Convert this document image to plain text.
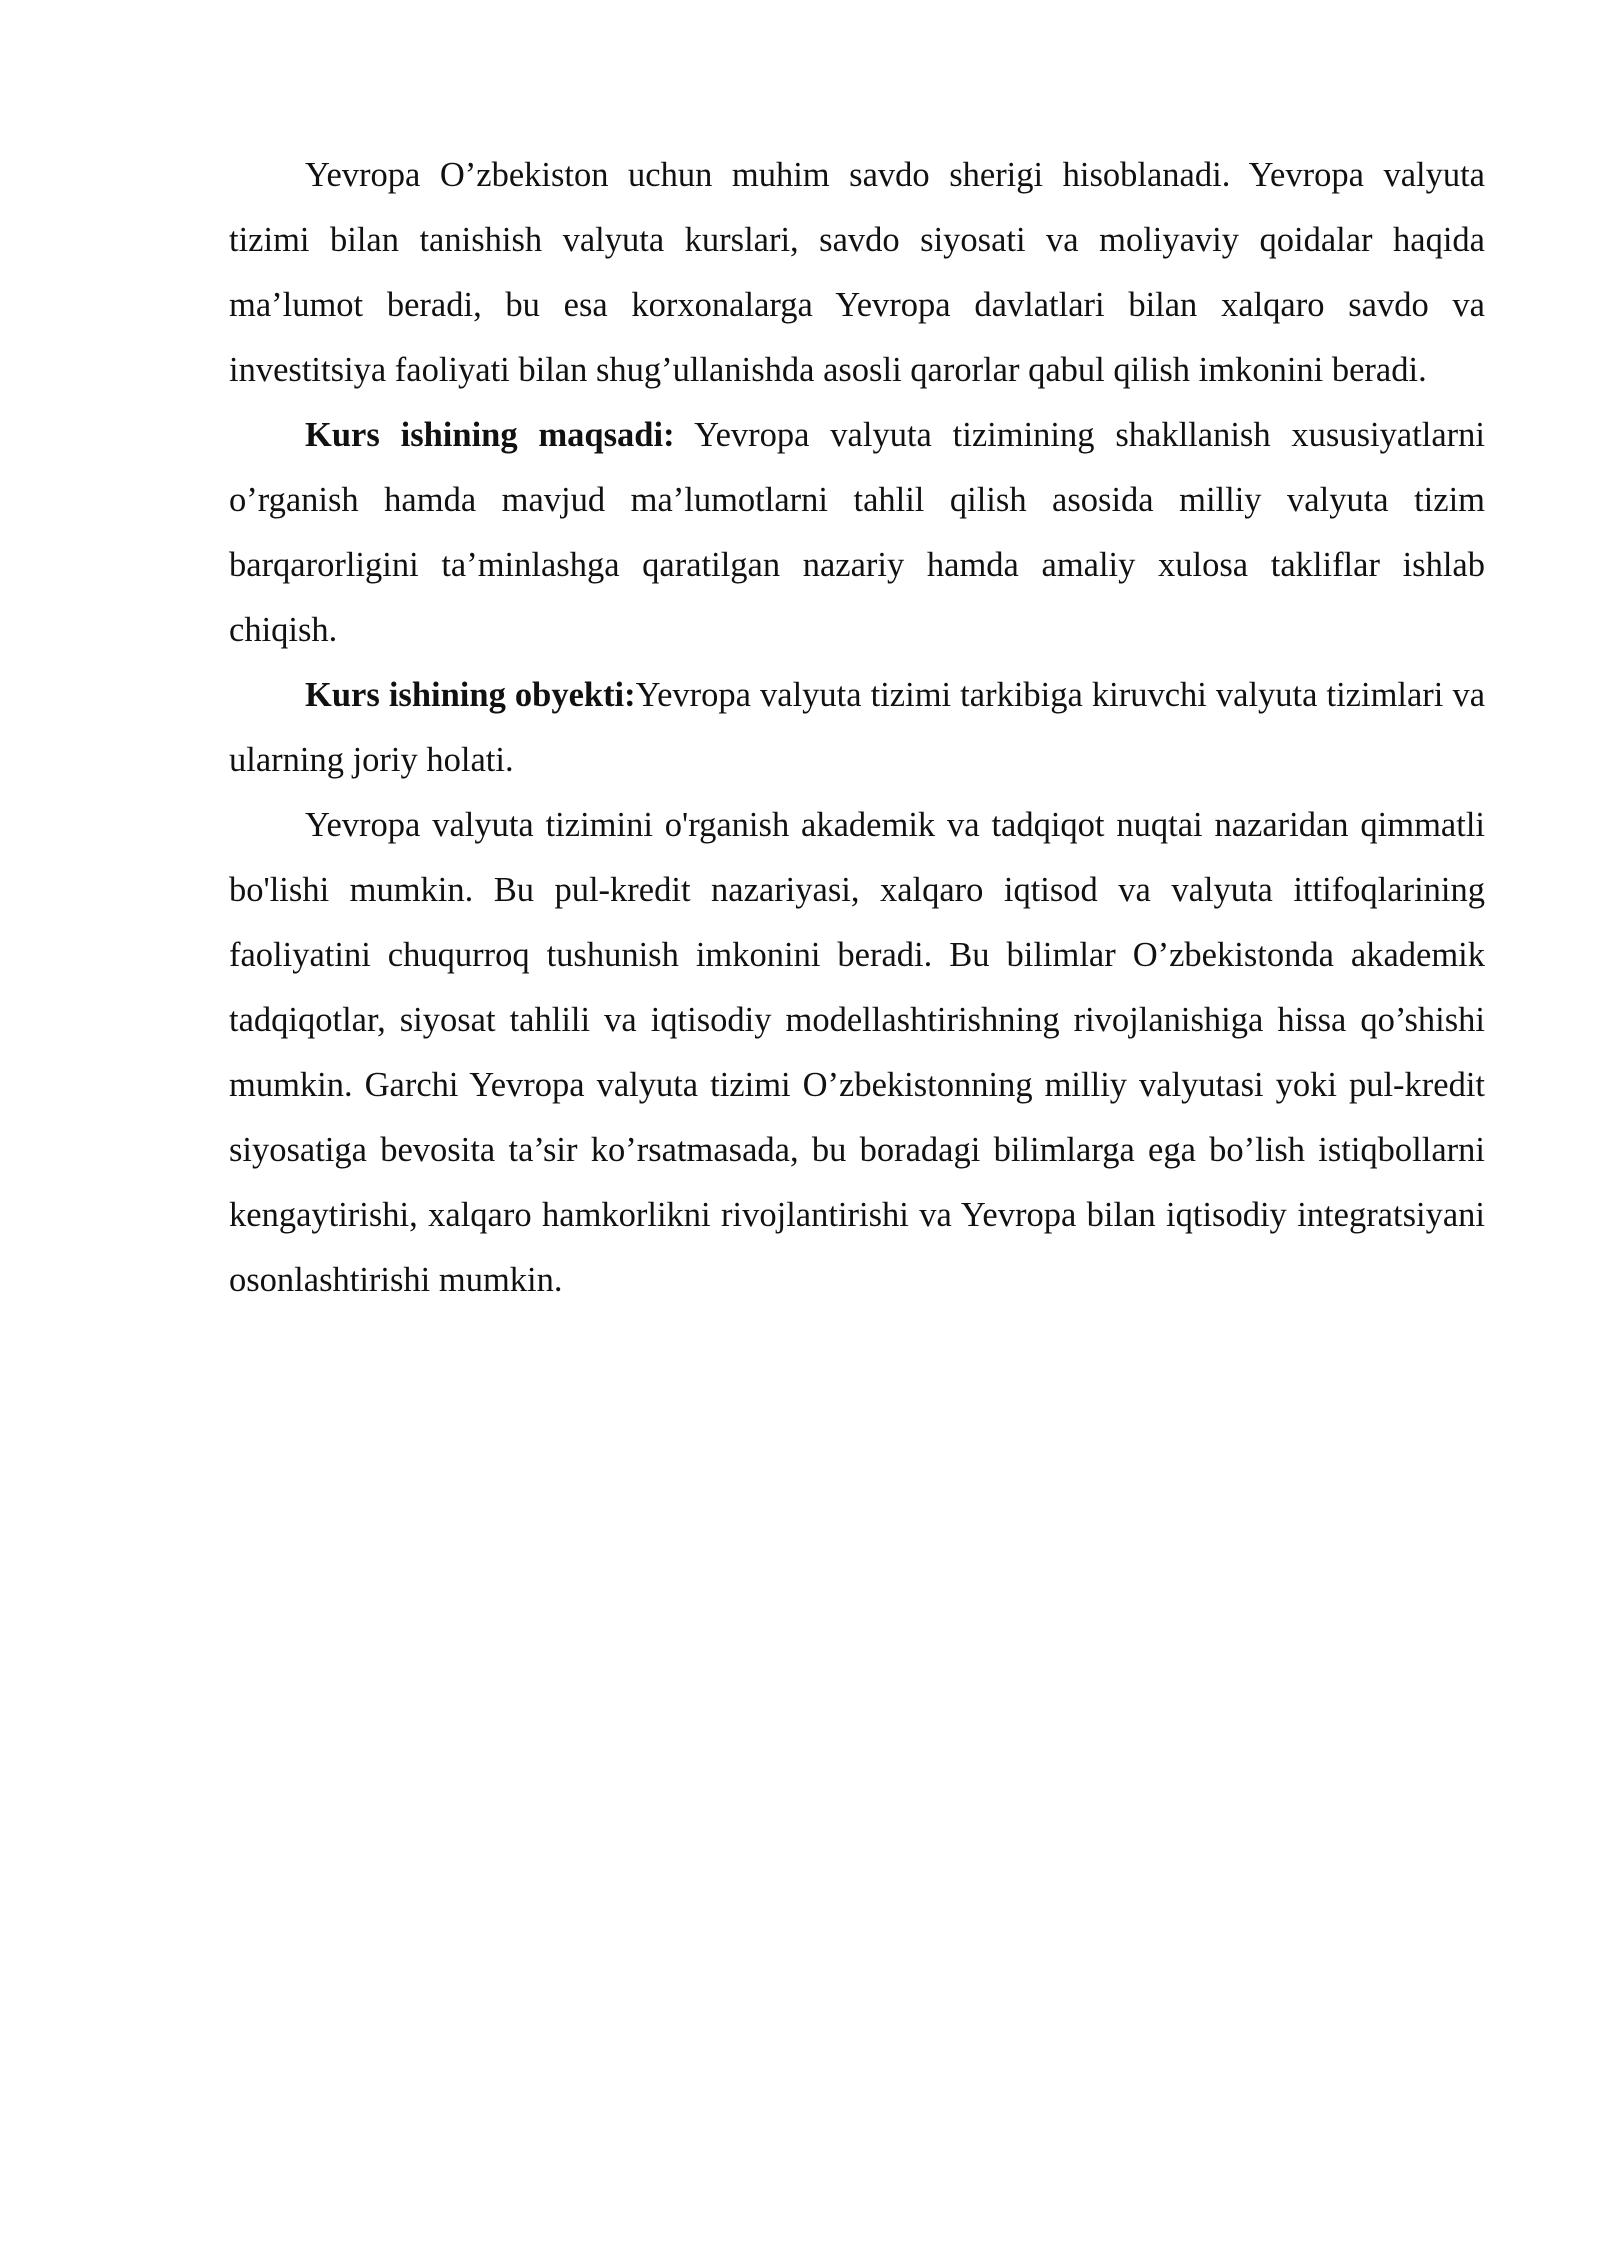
Yevropa O’zbekiston uchun muhim savdo sherigi hisoblanadi. Yevropa valyuta tizimi bilan tanishish valyuta kurslari, savdo siyosati va moliyaviy qoidalar haqida ma’lumot beradi, bu esa korxonalarga Yevropa davlatlari bilan xalqaro savdo va investitsiya faoliyati bilan shug’ullanishda asosli qarorlar qabul qilish imkonini beradi.

Kurs ishining maqsadi: Yevropa valyuta tizimining shakllanish xususiyatlarni o’rganish hamda mavjud ma’lumotlarni tahlil qilish asosida milliy valyuta tizim barqarorligini ta’minlashga qaratilgan nazariy hamda amaliy xulosa takliflar ishlab chiqish.

Kurs ishining obyekti:Yevropa valyuta tizimi tarkibiga kiruvchi valyuta tizimlari va ularning joriy holati.

Yevropa valyuta tizimini o'rganish akademik va tadqiqot nuqtai nazaridan qimmatli bo'lishi mumkin. Bu pul-kredit nazariyasi, xalqaro iqtisod va valyuta ittifoqlarining faoliyatini chuqurroq tushunish imkonini beradi. Bu bilimlar O’zbekistonda akademik tadqiqotlar, siyosat tahlili va iqtisodiy modellashtirishning rivojlanishiga hissa qo’shishi mumkin. Garchi Yevropa valyuta tizimi O’zbekistonning milliy valyutasi yoki pul-kredit siyosatiga bevosita ta’sir ko’rsatmasada, bu boradagi bilimlarga ega bo’lish istiqbollarni kengaytirishi, xalqaro hamkorlikni rivojlantirishi va Yevropa bilan iqtisodiy integratsiyani osonlashtirishi mumkin.
